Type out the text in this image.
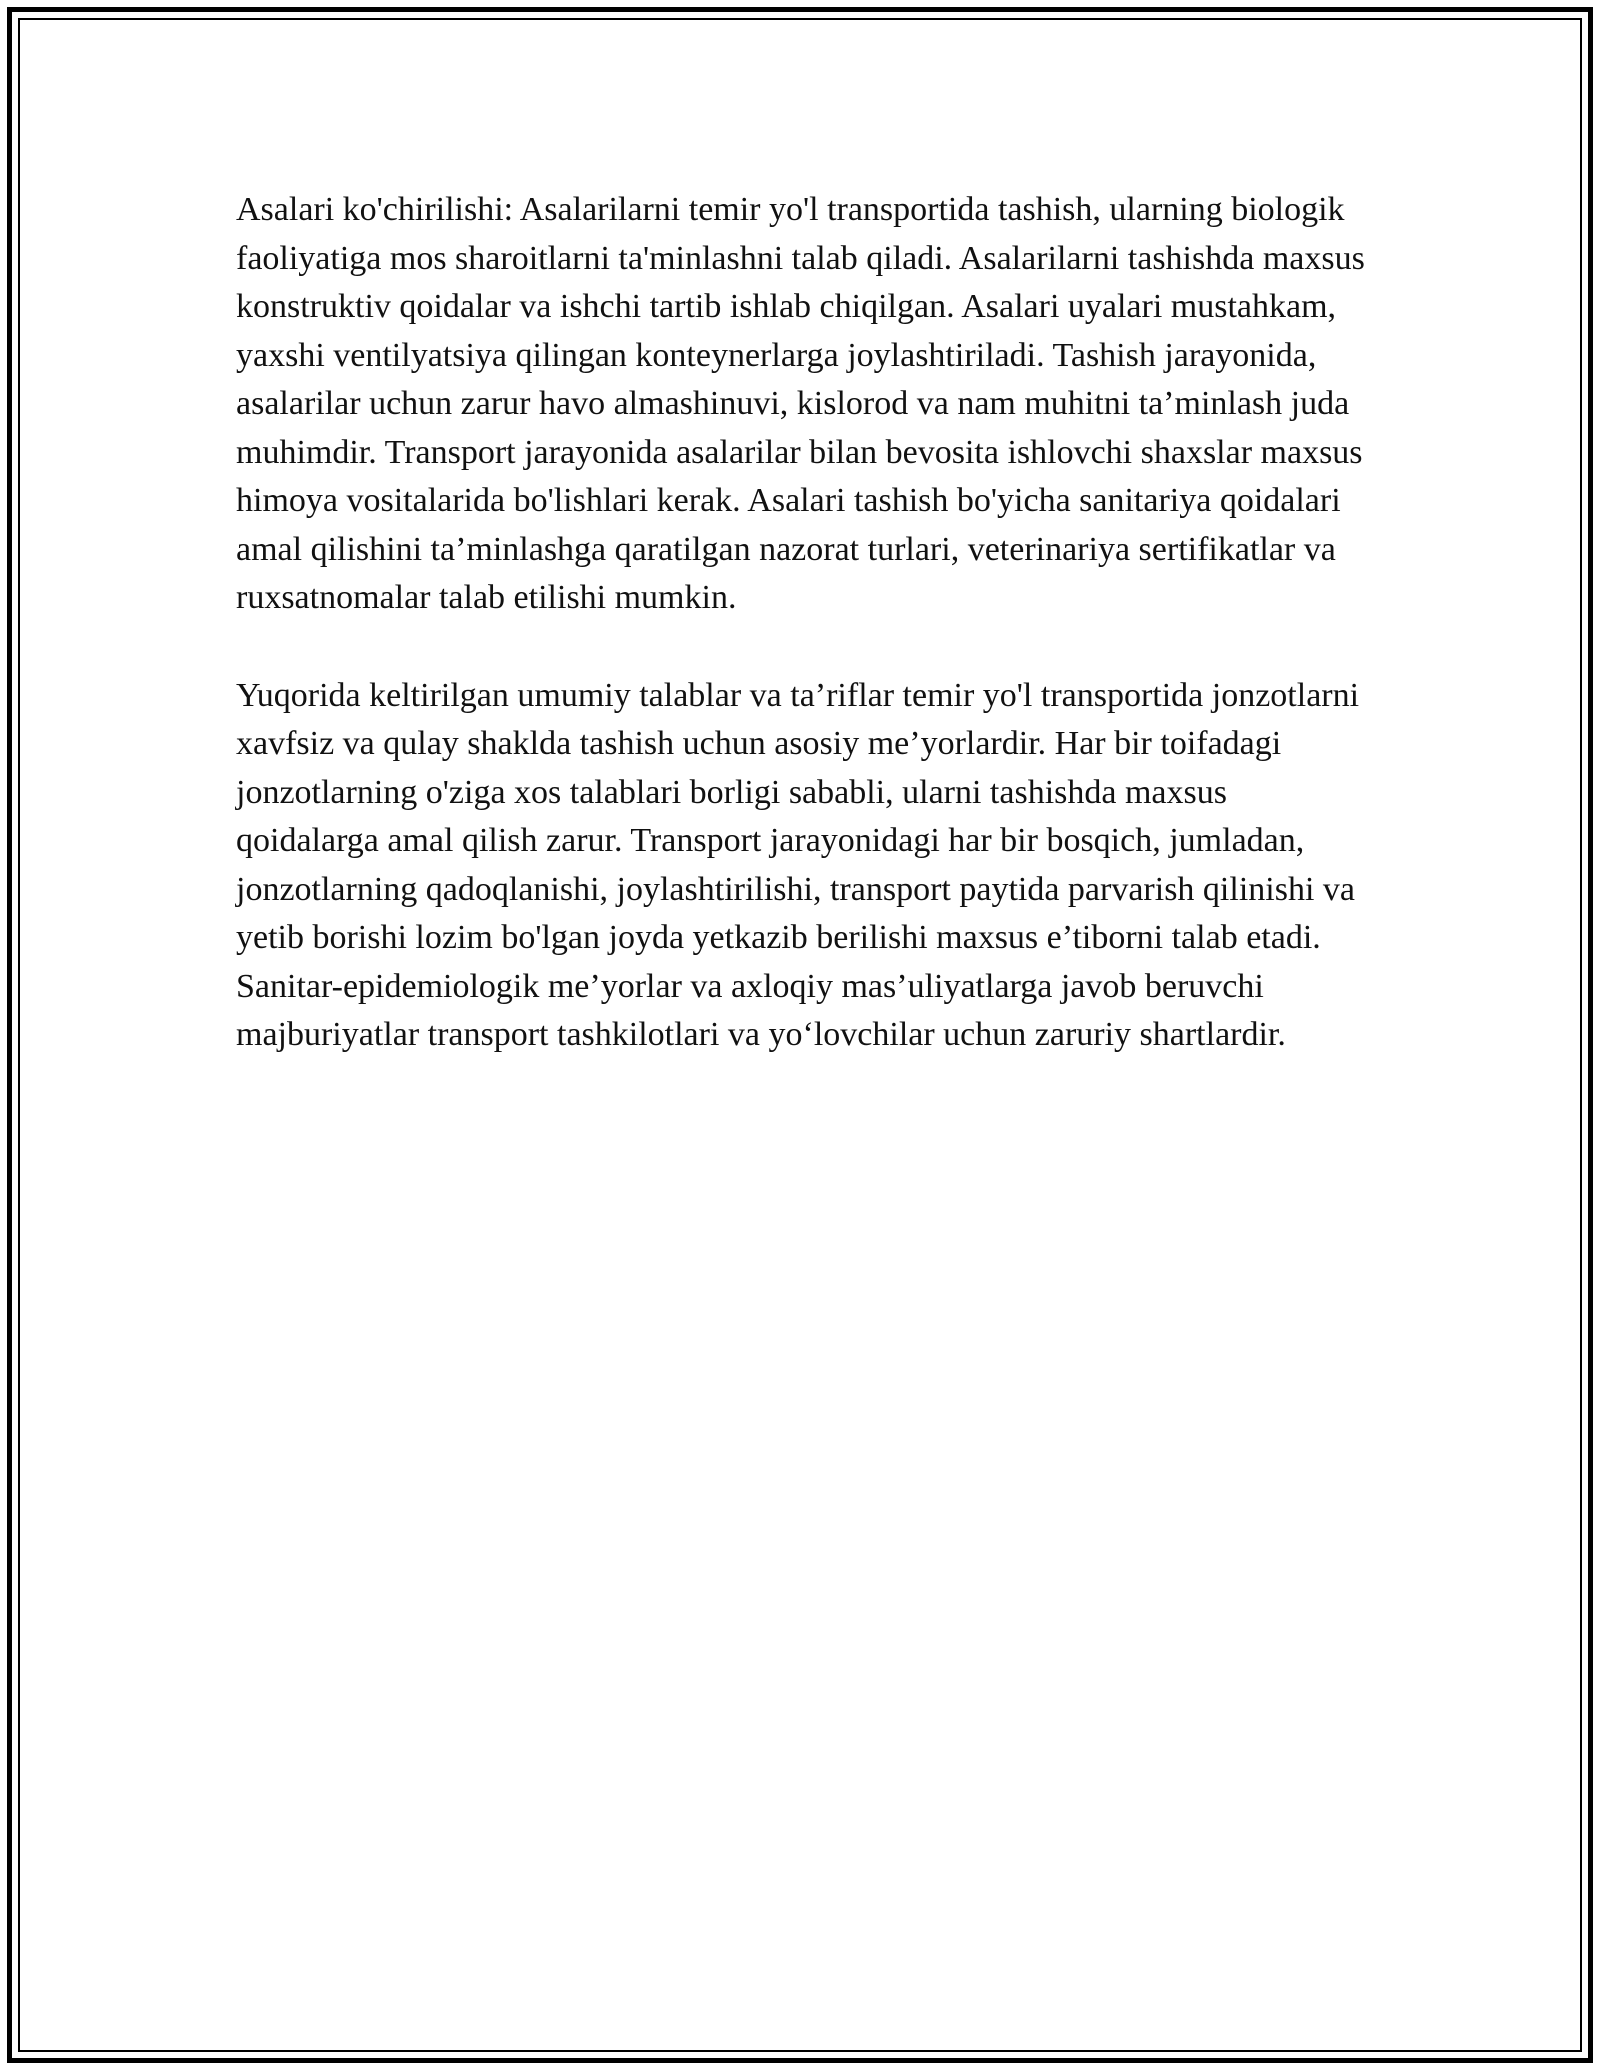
Asalari ko'chirilishi: Asalarilarni temir yo'l transportida tashish, ularning biologik faoliyatiga mos sharoitlarni ta'minlashni talab qiladi. Asalarilarni tashishda maxsus konstruktiv qoidalar va ishchi tartib ishlab chiqilgan. Asalari uyalari mustahkam, yaxshi ventilyatsiya qilingan konteynerlarga joylashtiriladi. Tashish jarayonida, asalarilar uchun zarur havo almashinuvi, kislorod va nam muhitni ta’minlash juda muhimdir. Transport jarayonida asalarilar bilan bevosita ishlovchi shaxslar maxsus himoya vositalarida bo'lishlari kerak. Asalari tashish bo'yicha sanitariya qoidalari amal qilishini ta’minlashga qaratilgan nazorat turlari, veterinariya sertifikatlar va ruxsatnomalar talab etilishi mumkin.

Yuqorida keltirilgan umumiy talablar va ta’riflar temir yo'l transportida jonzotlarni xavfsiz va qulay shaklda tashish uchun asosiy me’yorlardir. Har bir toifadagi jonzotlarning o'ziga xos talablari borligi sababli, ularni tashishda maxsus qoidalarga amal qilish zarur. Transport jarayonidagi har bir bosqich, jumladan, jonzotlarning qadoqlanishi, joylashtirilishi, transport paytida parvarish qilinishi va yetib borishi lozim bo'lgan joyda yetkazib berilishi maxsus e’tiborni talab etadi. Sanitar-epidemiologik me’yorlar va axloqiy mas’uliyatlarga javob beruvchi majburiyatlar transport tashkilotlari va yo‘lovchilar uchun zaruriy shartlardir.
